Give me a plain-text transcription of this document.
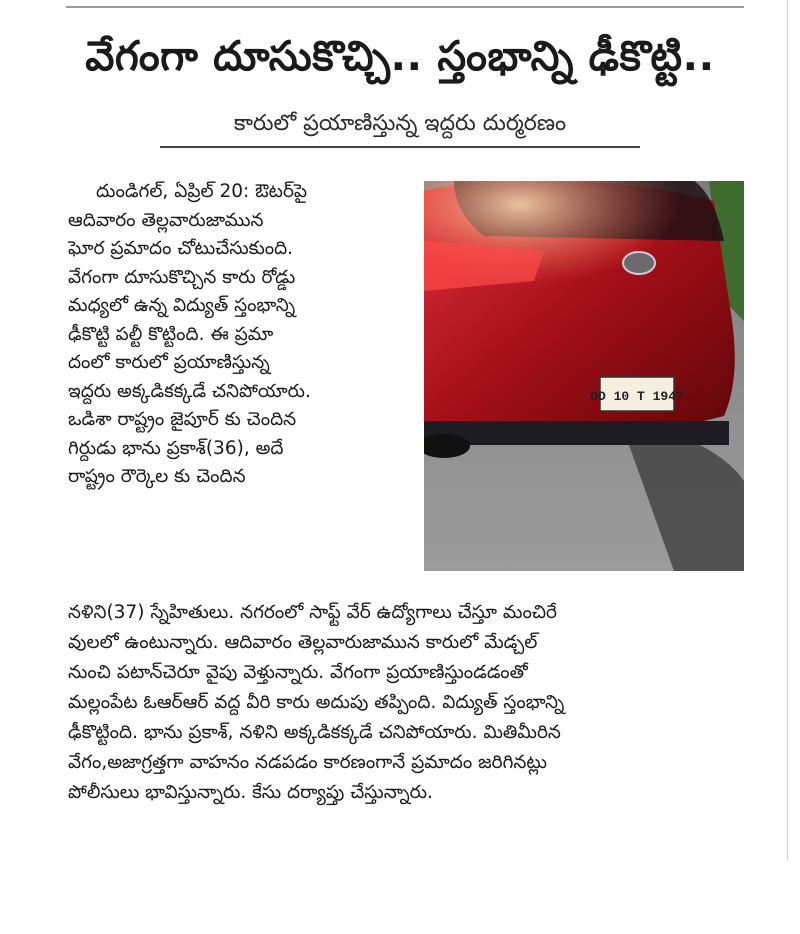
వేగంగా దూసుకొచ్చి.. స్తంభాన్ని ఢీకొట్టి..
కారులో ప్రయాణిస్తున్న ఇద్దరు దుర్మరణం
దుండిగల్, ఏప్రిల్ 20: ఔటర్‌పై
ఆదివారం తెల్లవారుజామున
ఘోర ప్రమాదం చోటుచేసుకుంది.
వేగంగా దూసుకొచ్చిన కారు రోడ్డు
మధ్యలో ఉన్న విద్యుత్ స్తంభాన్ని
ఢీకొట్టి పల్టీ కొట్టింది. ఈ ప్రమా
దంలో కారులో ప్రయాణిస్తున్న
ఇద్దరు అక్కడికక్కడే చనిపోయారు.
ఒడిశా రాష్ట్రం జైపూర్ కు చెందిన
గిర్దుడు భాను ప్రకాశ్(36), అదే
రాష్ట్రం రౌర్కెల కు చెందిన
OD 10 T 1947
నళిని(37) స్నేహితులు. నగరంలో సాఫ్ట్ వేర్ ఉద్యోగాలు చేస్తూ మంచిరే
వులలో ఉంటున్నారు. ఆదివారం తెల్లవారుజామున కారులో మేడ్చల్
నుంచి పటాన్‌చెరూ వైపు వెళ్తున్నారు. వేగంగా ప్రయాణిస్తుండడంతో
మల్లంపేట ఓఆర్‌ఆర్ వద్ద వీరి కారు అదుపు తప్పింది. విద్యుత్ స్తంభాన్ని
ఢీకొట్టింది. భాను ప్రకాశ్, నళిని అక్కడికక్కడే చనిపోయారు. మితిమీరిన
వేగం,అజాగ్రత్తగా వాహనం నడపడం కారణంగానే ప్రమాదం జరిగినట్లు
పోలీసులు భావిస్తున్నారు. కేసు దర్యాప్తు చేస్తున్నారు.
